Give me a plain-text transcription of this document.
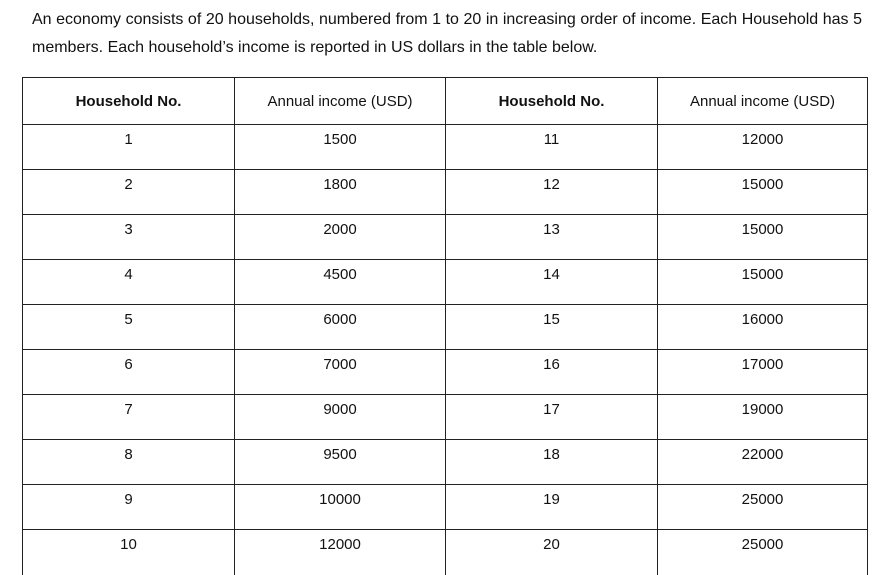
An economy consists of 20 households, numbered from 1 to 20 in increasing order of income. Each Household has 5 members. Each household’s income is reported in US dollars in the table below.

Household No.	Annual income (USD)	Household No.	Annual income (USD)
1	1500	11	12000
2	1800	12	15000
3	2000	13	15000
4	4500	14	15000
5	6000	15	16000
6	7000	16	17000
7	9000	17	19000
8	9500	18	22000
9	10000	19	25000
10	12000	20	25000
